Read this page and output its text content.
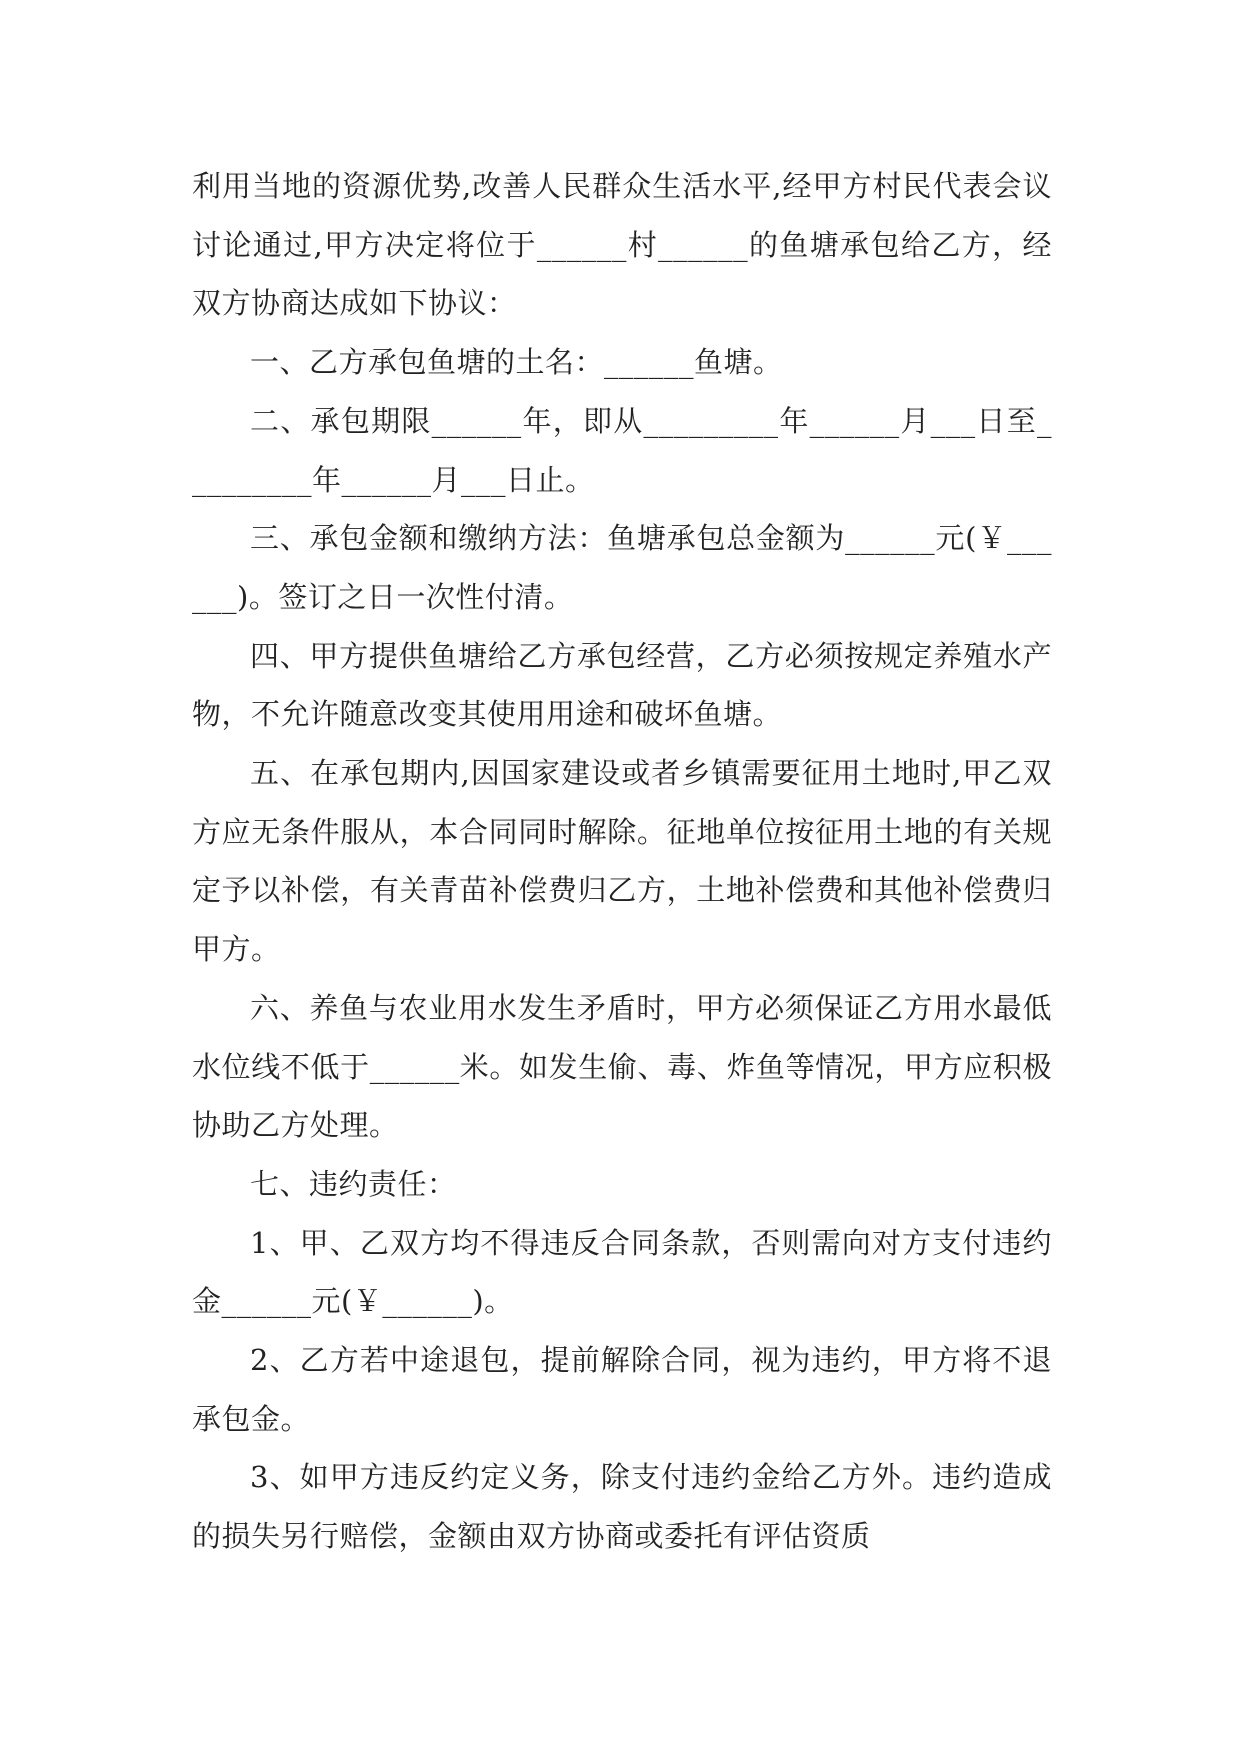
利用当地的资源优势,改善人民群众生活水平,经甲方村民代表会议讨论通过,甲方决定将位于______村______的鱼塘承包给乙方，经双方协商达成如下协议：

一、乙方承包鱼塘的土名：______鱼塘。

二、承包期限______年，即从_________年______月___日至_________年______月___日止。

三、承包金额和缴纳方法：鱼塘承包总金额为______元(￥______)。签订之日一次性付清。

四、甲方提供鱼塘给乙方承包经营，乙方必须按规定养殖水产物，不允许随意改变其使用用途和破坏鱼塘。

五、在承包期内,因国家建设或者乡镇需要征用土地时,甲乙双方应无条件服从，本合同同时解除。征地单位按征用土地的有关规定予以补偿，有关青苗补偿费归乙方，土地补偿费和其他补偿费归甲方。

六、养鱼与农业用水发生矛盾时，甲方必须保证乙方用水最低水位线不低于______米。如发生偷、毒、炸鱼等情况，甲方应积极协助乙方处理。

七、违约责任：

1、甲、乙双方均不得违反合同条款，否则需向对方支付违约金______元(￥______)。

2、乙方若中途退包，提前解除合同，视为违约，甲方将不退承包金。

3、如甲方违反约定义务，除支付违约金给乙方外。违约造成的损失另行赔偿，金额由双方协商或委托有评估资质
